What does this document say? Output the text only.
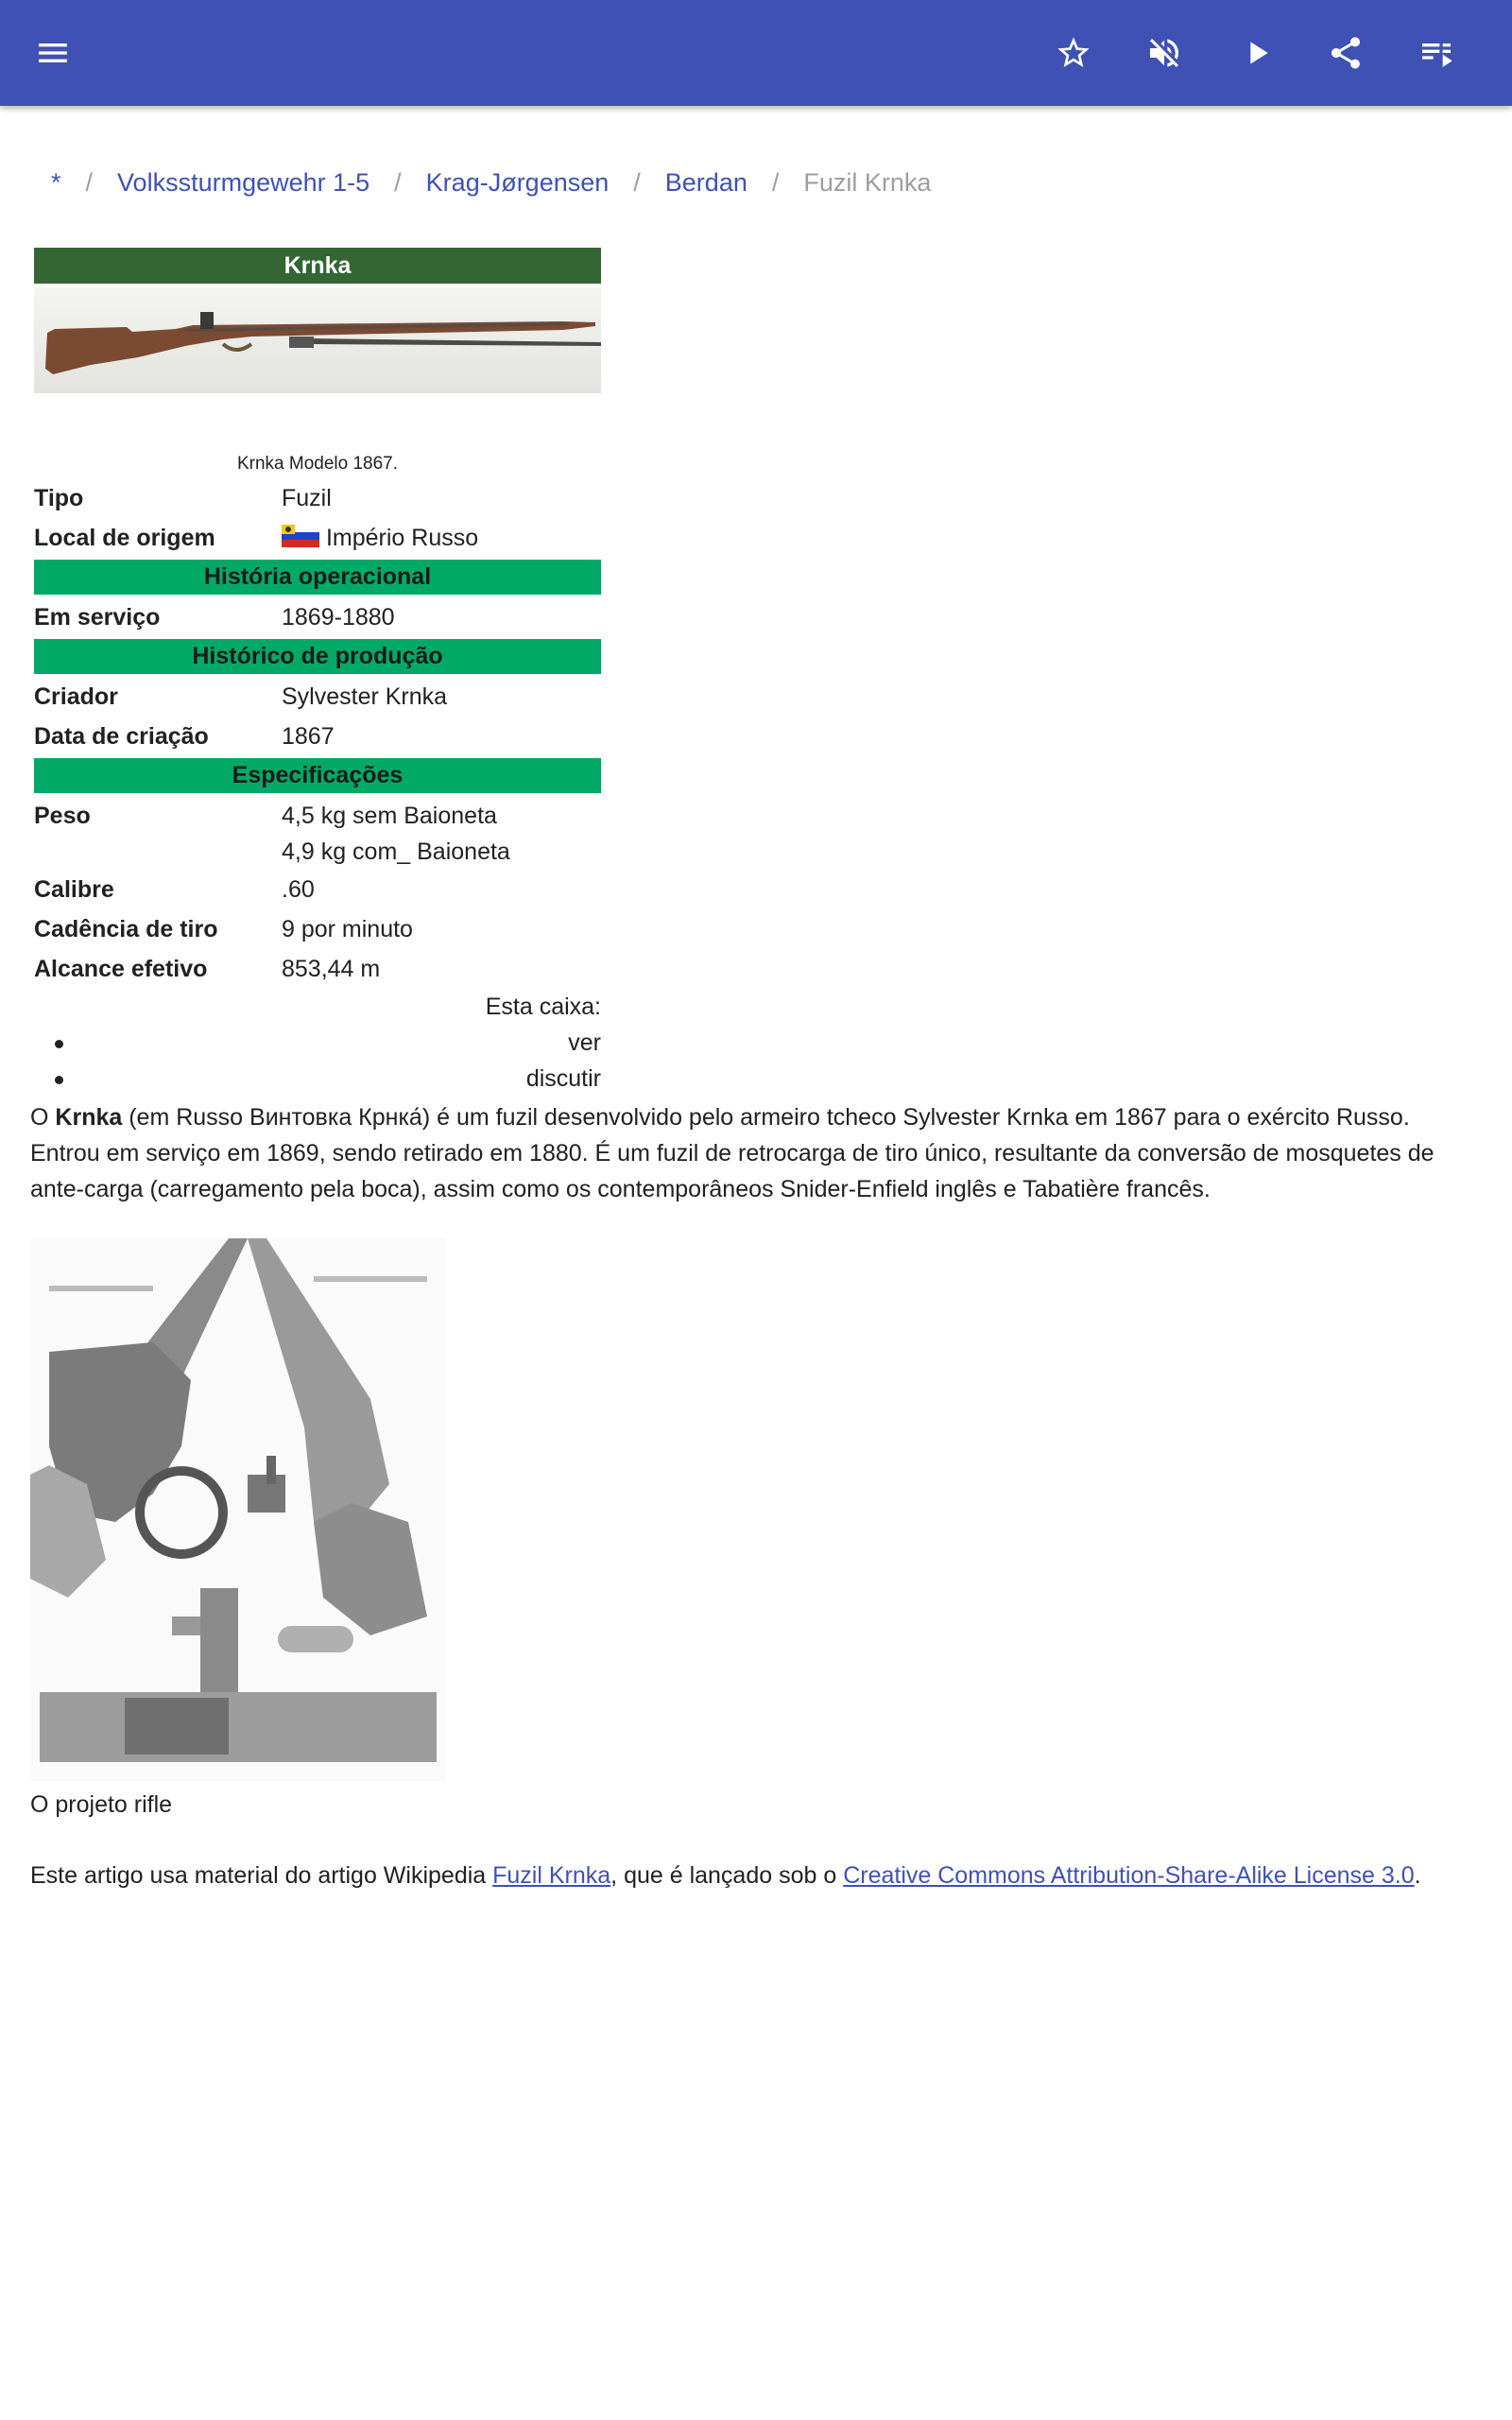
* / Volkssturmgewehr 1-5 / Krag-Jørgensen / Berdan / Fuzil Krnka
Krnka
Krnka Modelo 1867.
Tipo	Fuzil
Local de origem	Império Russo
História operacional
Em serviço	1869-1880
Histórico de produção
Criador	Sylvester Krnka
Data de criação	1867
Especificações
Peso	4,5 kg sem Baioneta
4,9 kg com_ Baioneta
Calibre	.60
Cadência de tiro	9 por minuto
Alcance efetivo	853,44 m
Esta caixa:
ver
discutir

O Krnka (em Russo Винтовка Крнка́) é um fuzil desenvolvido pelo armeiro tcheco Sylvester Krnka em 1867 para o exército Russo. Entrou em serviço em 1869, sendo retirado em 1880. É um fuzil de retrocarga de tiro único, resultante da conversão de mosquetes de ante-carga (carregamento pela boca), assim como os contemporâneos Snider-Enfield inglês e Tabatière francês.

O projeto rifle

Este artigo usa material do artigo Wikipedia Fuzil Krnka, que é lançado sob o Creative Commons Attribution-Share-Alike License 3.0.
